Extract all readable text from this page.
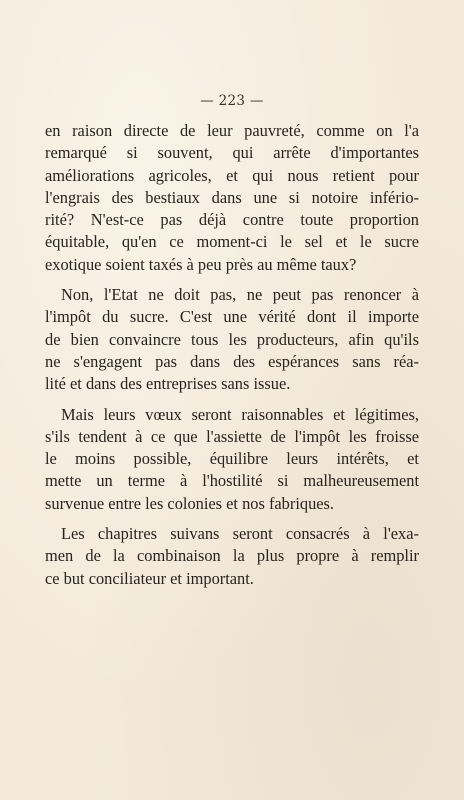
— 223 —
en raison directe de leur pauvreté, comme on l'a
remarqué si souvent, qui arrête d'importantes
améliorations agricoles, et qui nous retient pour
l'engrais des bestiaux dans une si notoire infério-
rité? N'est-ce pas déjà contre toute proportion
équitable, qu'en ce moment-ci le sel et le sucre
exotique soient taxés à peu près au même taux?
Non, l'Etat ne doit pas, ne peut pas renoncer à
l'impôt du sucre. C'est une vérité dont il importe
de bien convaincre tous les producteurs, afin qu'ils
ne s'engagent pas dans des espérances sans réa-
lité et dans des entreprises sans issue.
Mais leurs vœux seront raisonnables et légitimes,
s'ils tendent à ce que l'assiette de l'impôt les froisse
le moins possible, équilibre leurs intérêts, et
mette un terme à l'hostilité si malheureusement
survenue entre les colonies et nos fabriques.
Les chapitres suivans seront consacrés à l'exa-
men de la combinaison la plus propre à remplir
ce but conciliateur et important.
